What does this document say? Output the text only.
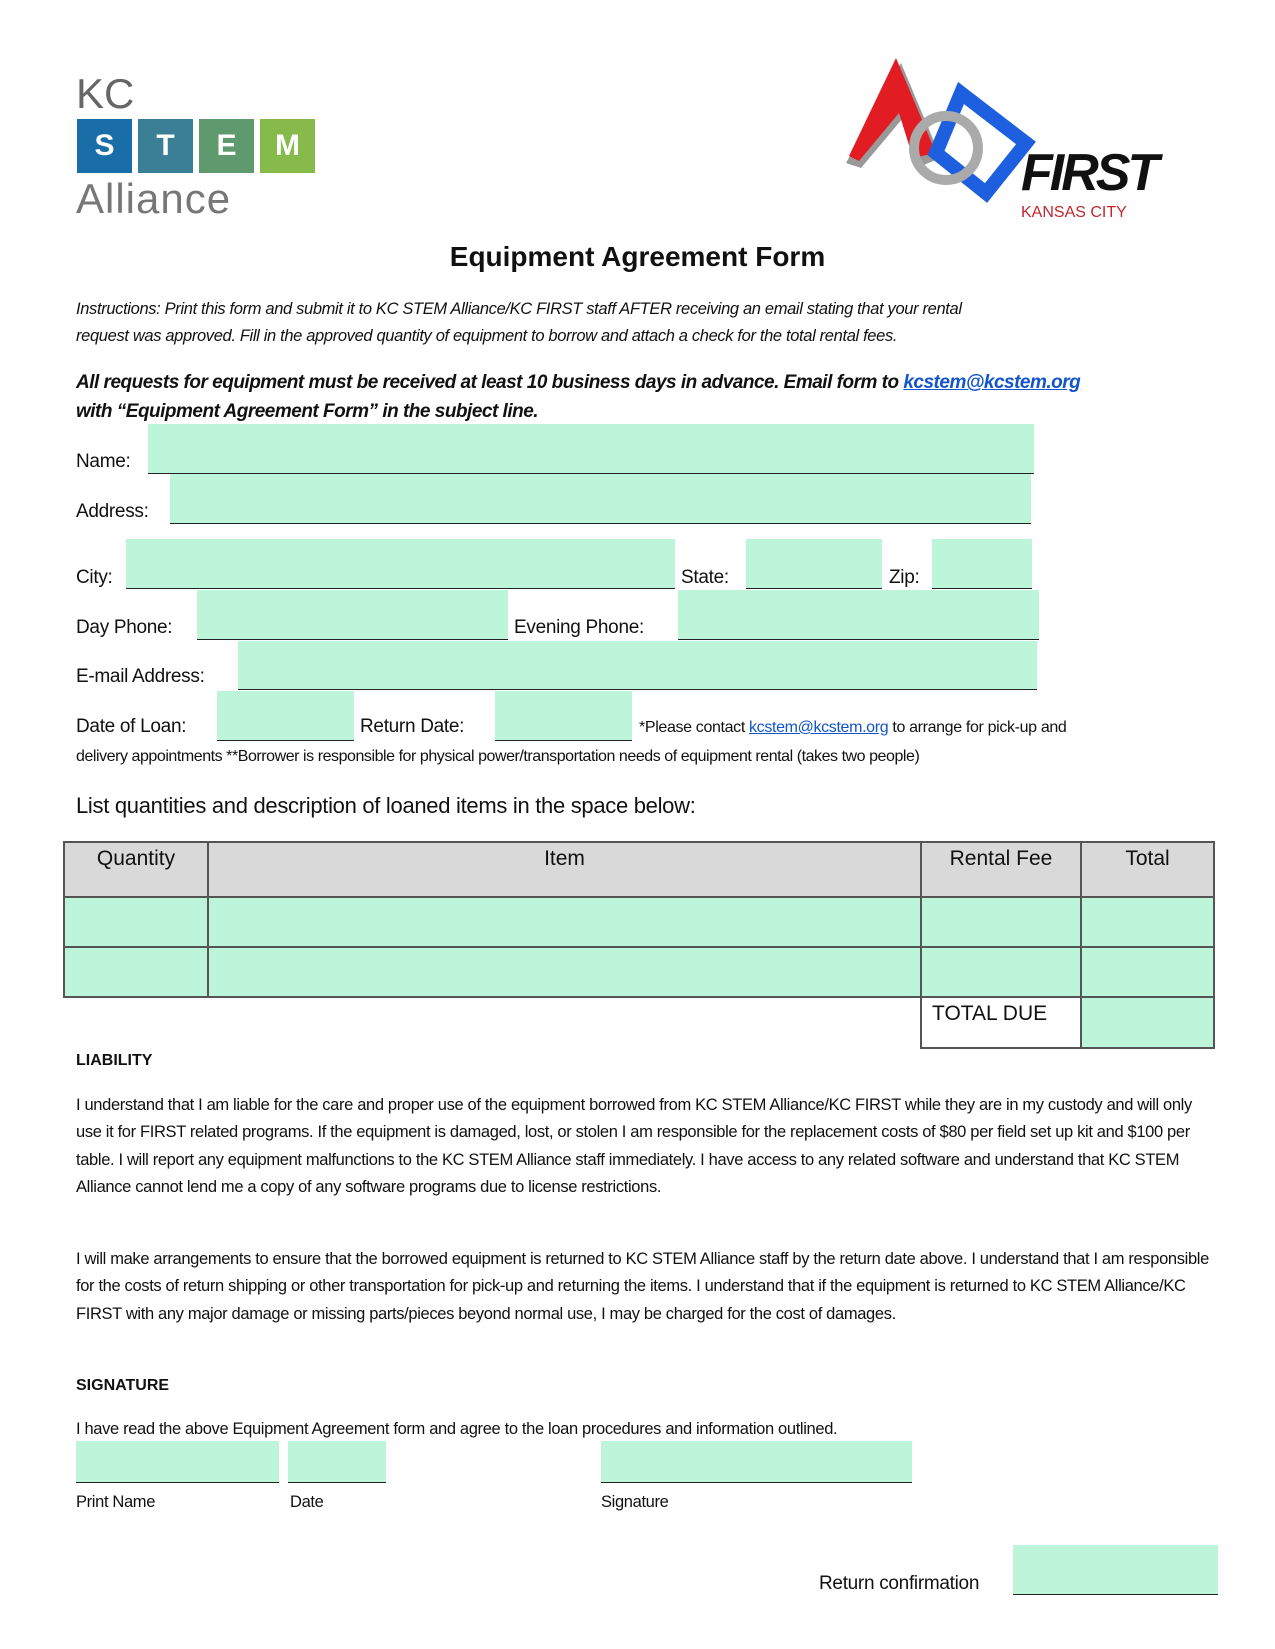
KC
Alliance
S	T	E	M	FIRST
KANSAS CITY
Equipment Agreement Form
Instructions: Print this form and submit it to KC STEM Alliance/KC FIRST staff AFTER receiving an email stating that your rental
request was approved. Fill in the approved quantity of equipment to borrow and attach a check for the total rental fees.
All requests for equipment must be received at least 10 business days in advance. Email form to kcstem@kcstem.org
with “Equipment Agreement Form” in the subject line.
Name:
Address:
City:	State:	Zip:
Day Phone:	Evening Phone:
E-mail Address:
Date of Loan:	Return Date:	*Please contact kcstem@kcstem.org to arrange for pick-up and
delivery appointments **Borrower is responsible for physical power/transportation needs of equipment rental (takes two people)
List quantities and description of loaned items in the space below:
Quantity	Item	Rental Fee	Total

		TOTAL DUE	
LIABILITY
I understand that I am liable for the care and proper use of the equipment borrowed from KC STEM Alliance/KC FIRST while they are in my custody and will only use it for FIRST related programs. If the equipment is damaged, lost, or stolen I am responsible for the replacement costs of $80 per field set up kit and $100 per table. I will report any equipment malfunctions to the KC STEM Alliance staff immediately. I have access to any related software and understand that KC STEM Alliance cannot lend me a copy of any software programs due to license restrictions.
I will make arrangements to ensure that the borrowed equipment is returned to KC STEM Alliance staff by the return date above. I understand that I am responsible for the costs of return shipping or other transportation for pick-up and returning the items. I understand that if the equipment is returned to KC STEM Alliance/KC FIRST with any major damage or missing parts/pieces beyond normal use, I may be charged for the cost of damages.
SIGNATURE
I have read the above Equipment Agreement form and agree to the loan procedures and information outlined.
Print Name	Date	Signature
Return confirmation
